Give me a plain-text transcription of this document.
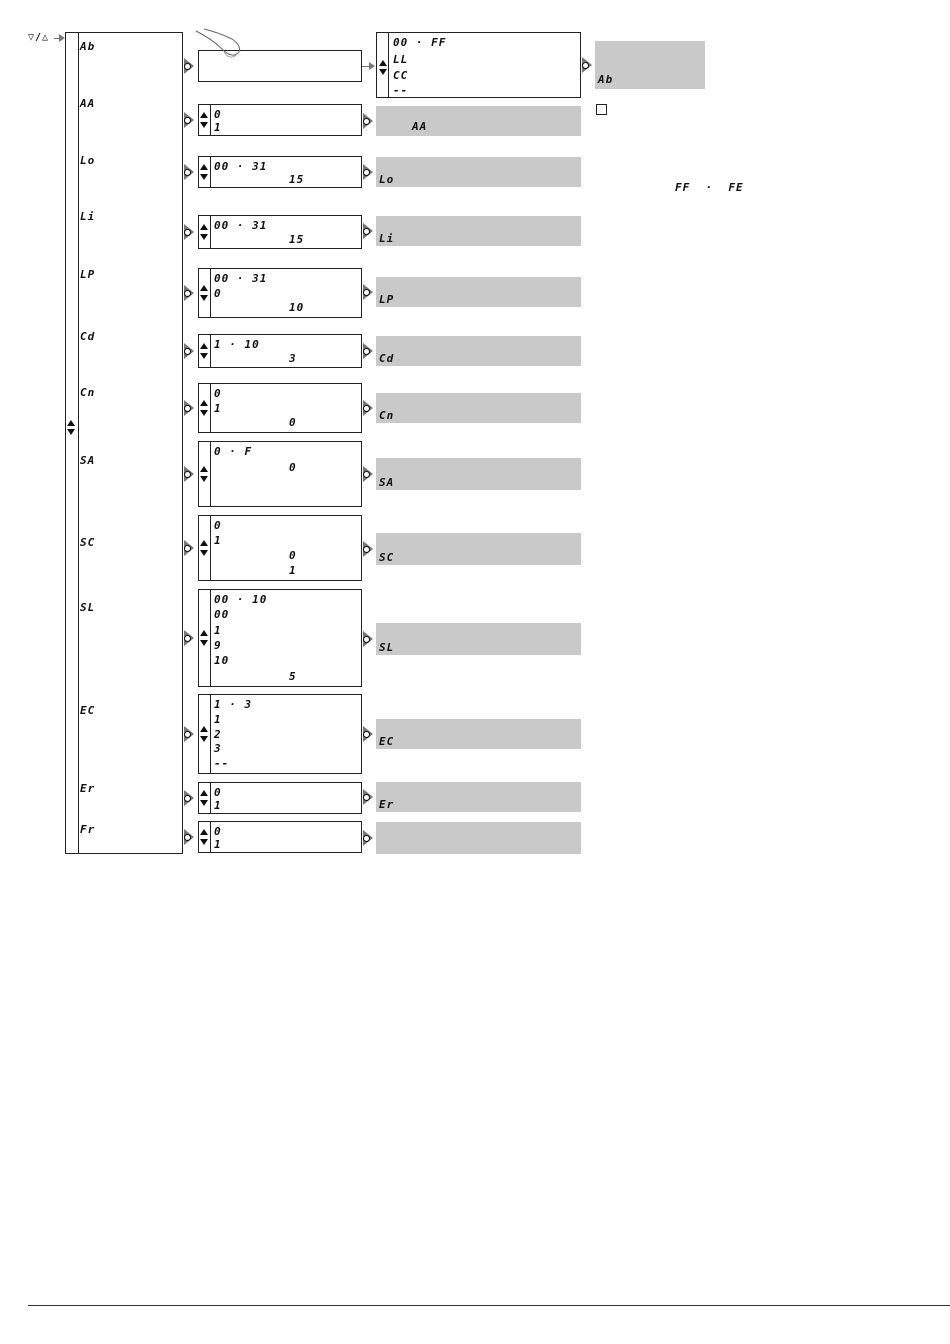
▽/△
Ab
AA
Lo
Li
LP
Cd
Cn
SA
SC
SL
EC
Er
Fr
0
1	AA
00 · 31
15	Lo
00 · 31
15	Li
00 · 31
0
10
LP
1 · 10
3	Cd
0
1
0
Cn
0 · F
0
SA
0
1
0
1
SC
00 · 10
00
1
9
10
5
SL
1 · 3
1
2
3
--
EC
0
1	Er
0
1
00 · FF
LL
CC
--
Ab
FF  ·  FE
